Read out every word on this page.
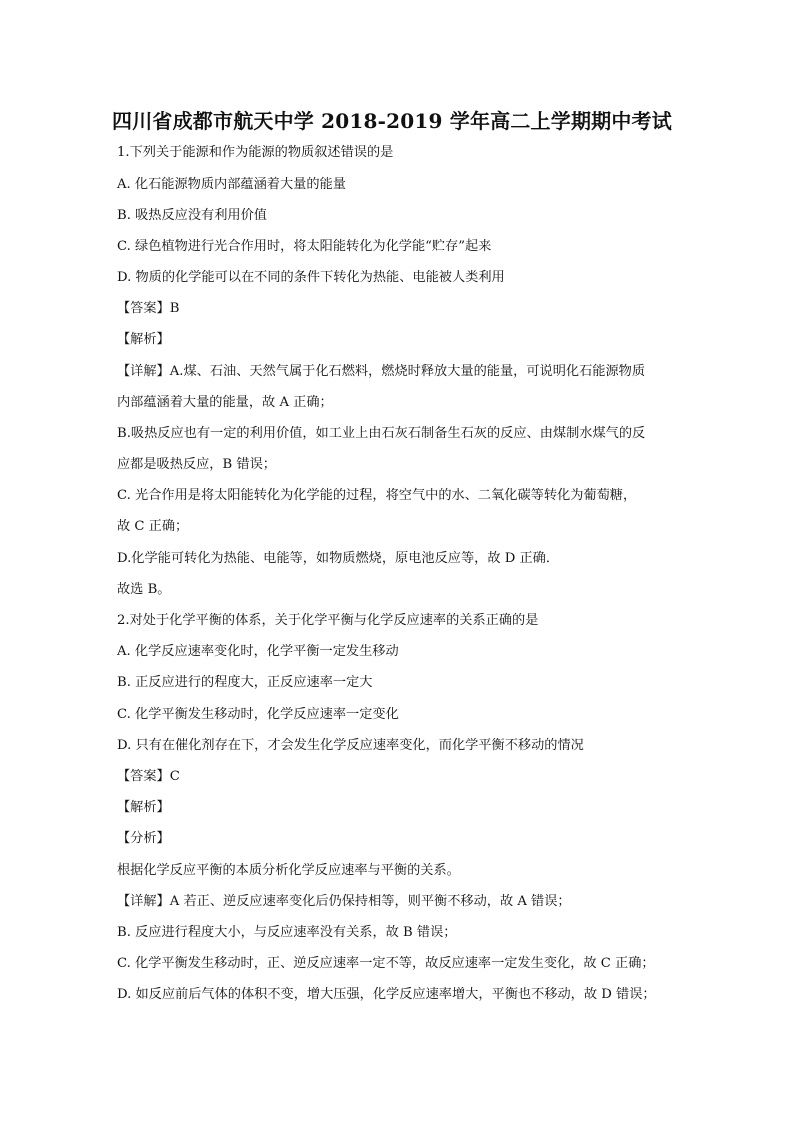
四川省成都市航天中学 2018-2019 学年高二上学期期中考试
1.下列关于能源和作为能源的物质叙述错误的是
A. 化石能源物质内部蕴涵着大量的能量
B. 吸热反应没有利用价值
C. 绿色植物进行光合作用时，将太阳能转化为化学能“贮存”起来
D. 物质的化学能可以在不同的条件下转化为热能、电能被人类利用
【答案】B
【解析】
【详解】A.煤、石油、天然气属于化石燃料，燃烧时释放大量的能量，可说明化石能源物质
内部蕴涵着大量的能量，故 A 正确；
B.吸热反应也有一定的利用价值，如工业上由石灰石制备生石灰的反应、由煤制水煤气的反
应都是吸热反应，B 错误；
C. 光合作用是将太阳能转化为化学能的过程，将空气中的水、二氧化碳等转化为葡萄糖，
故 C 正确；
D.化学能可转化为热能、电能等，如物质燃烧，原电池反应等，故 D 正确．
故选 B。
2.对处于化学平衡的体系，关于化学平衡与化学反应速率的关系正确的是
A. 化学反应速率变化时，化学平衡一定发生移动
B. 正反应进行的程度大，正反应速率一定大
C. 化学平衡发生移动时，化学反应速率一定变化
D. 只有在催化剂存在下，才会发生化学反应速率变化，而化学平衡不移动的情况
【答案】C
【解析】
【分析】
根据化学反应平衡的本质分析化学反应速率与平衡的关系。
【详解】A 若正、逆反应速率变化后仍保持相等，则平衡不移动，故 A 错误；
B. 反应进行程度大小，与反应速率没有关系，故 B 错误；
C. 化学平衡发生移动时，正、逆反应速率一定不等，故反应速率一定发生变化，故 C 正确；
D. 如反应前后气体的体积不变，增大压强，化学反应速率增大，平衡也不移动，故 D 错误；
